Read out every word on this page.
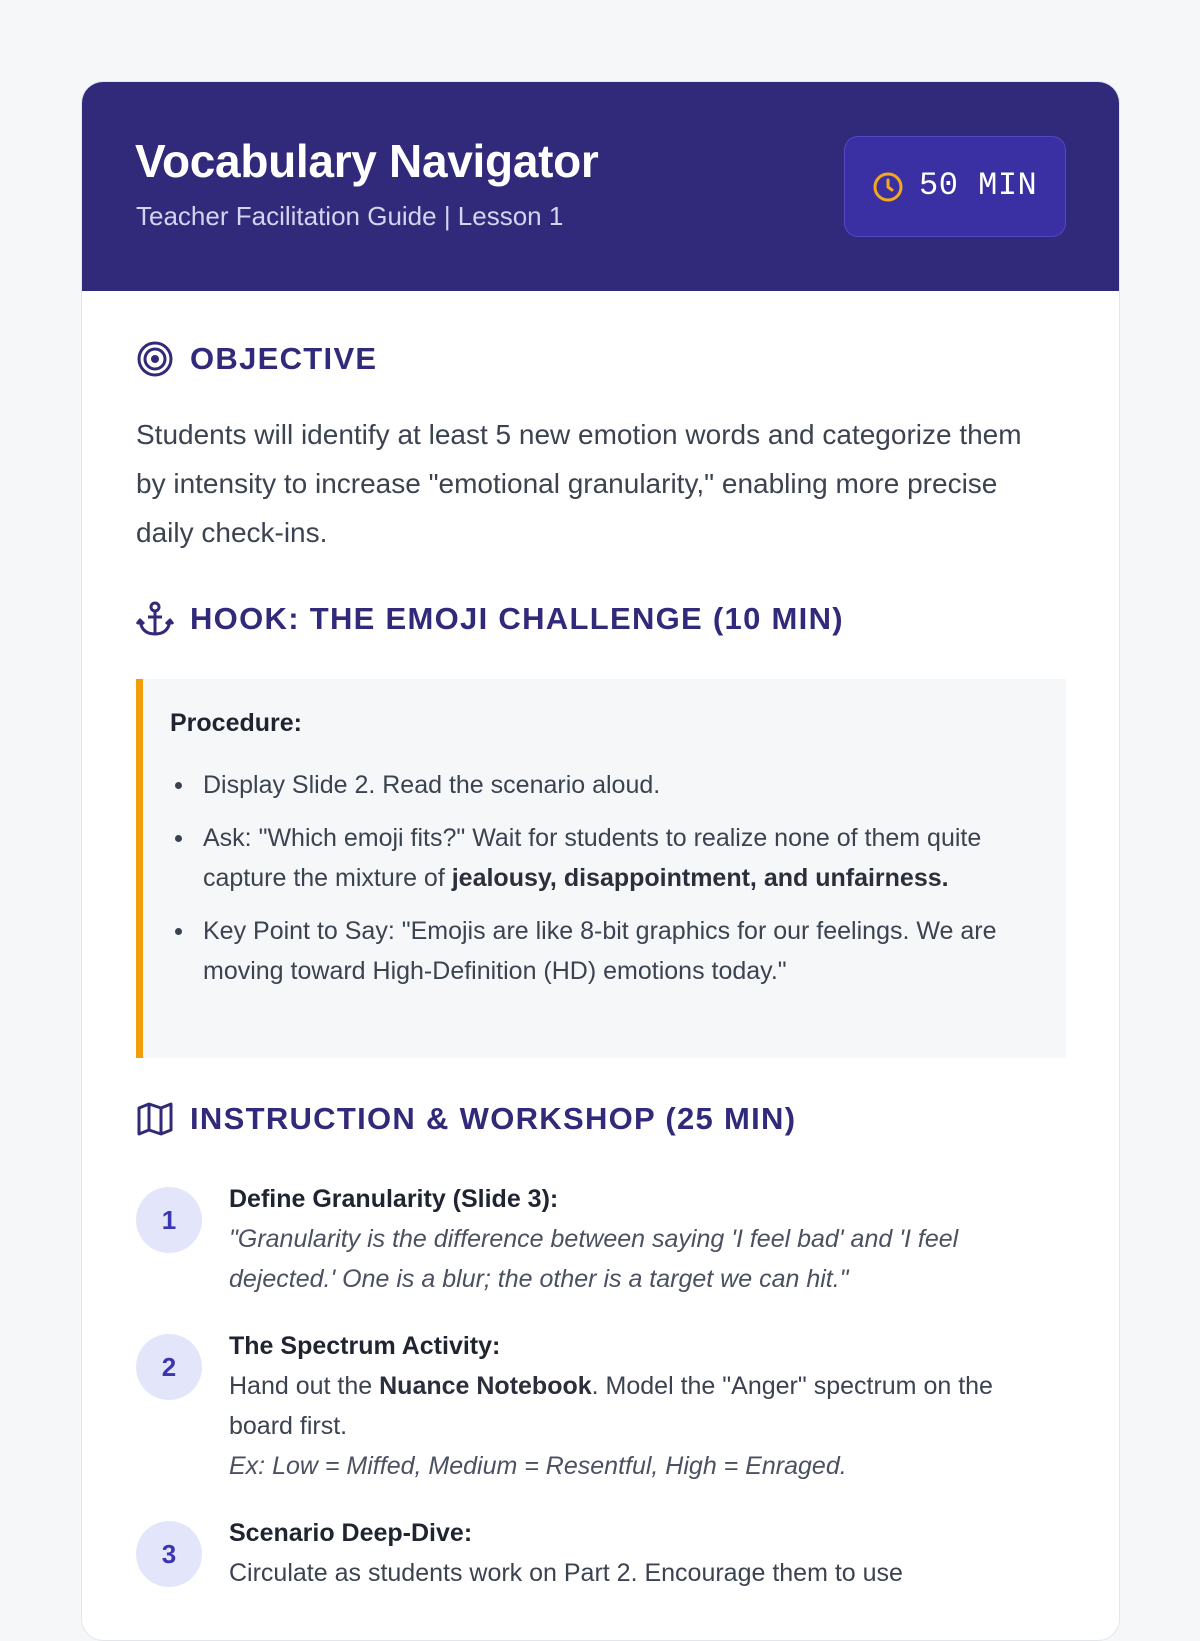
Vocabulary Navigator
Teacher Facilitation Guide | Lesson 1
50 MIN
OBJECTIVE

Students will identify at least 5 new emotion words and categorize them by intensity to increase "emotional granularity," enabling more precise daily check-ins.

HOOK: THE EMOJI CHALLENGE (10 MIN)
Procedure:
Display Slide 2. Read the scenario aloud.
Ask: "Which emoji fits?" Wait for students to realize none of them quite capture the mixture of jealousy, disappointment, and unfairness.
Key Point to Say: "Emojis are like 8-bit graphics for our feelings. We are moving toward High-Definition (HD) emotions today."
INSTRUCTION & WORKSHOP (25 MIN)
1
Define Granularity (Slide 3):
"Granularity is the difference between saying 'I feel bad' and 'I feel dejected.' One is a blur; the other is a target we can hit."
2
The Spectrum Activity:
Hand out the Nuance Notebook. Model the "Anger" spectrum on the board first.
Ex: Low = Miffed, Medium = Resentful, High = Enraged.
3
Scenario Deep-Dive:
Circulate as students work on Part 2. Encourage them to use
